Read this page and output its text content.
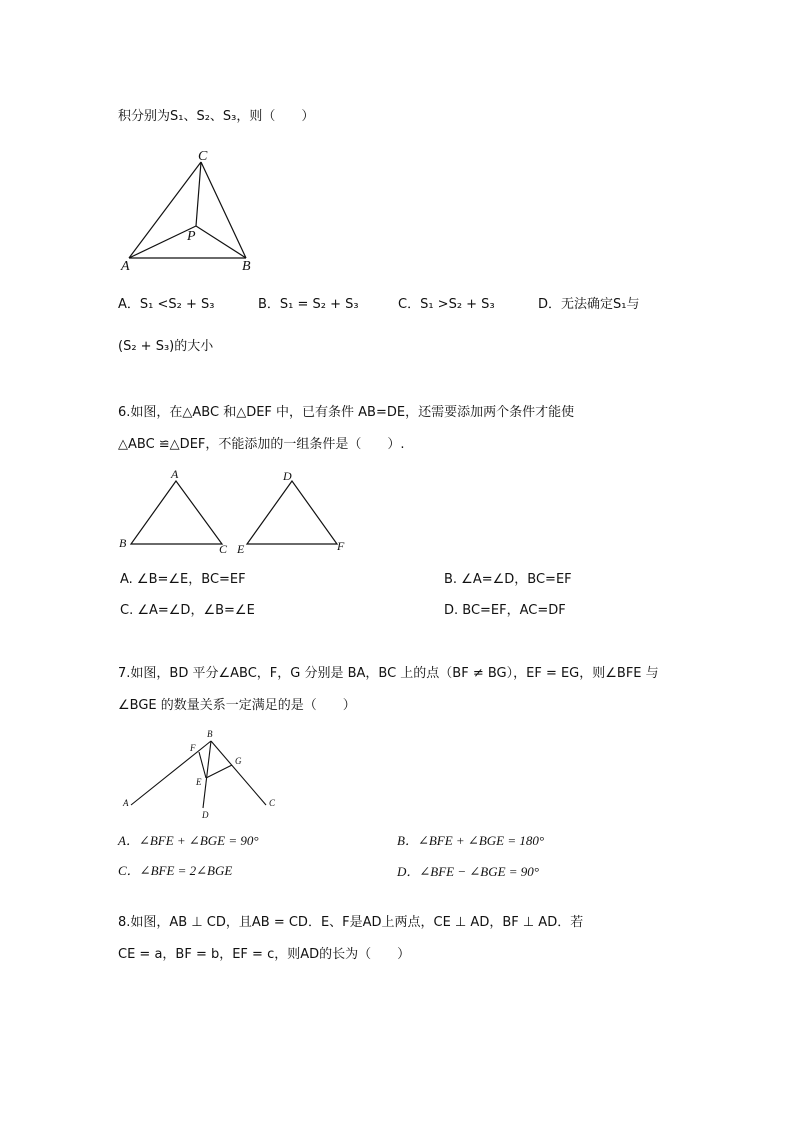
积分别为S₁、S₂、S₃，则（　　）
C
P
A	B
A．S₁ <S₂ + S₃	B．S₁ = S₂ + S₃	C．S₁ >S₂ + S₃	D．无法确定S₁与
(S₂ + S₃)的大小
6.如图，在△ABC 和△DEF 中，已有条件 AB=DE，还需要添加两个条件才能使
△ABC ≌△DEF，不能添加的一组条件是（　　）.
A
B	C
D
E	F
A. ∠B=∠E，BC=EF	B. ∠A=∠D，BC=EF
C. ∠A=∠D，∠B=∠E	D. BC=EF，AC=DF
7.如图，BD 平分∠ABC，F，G 分别是 BA，BC 上的点（BF ≠ BG），EF = EG，则∠BFE 与
∠BGE 的数量关系一定满足的是（　　）
B
F
G
E
A
D
C
A．∠BFE + ∠BGE = 90°	B．∠BFE + ∠BGE = 180°
C．∠BFE = 2∠BGE	D．∠BFE − ∠BGE = 90°
8.如图，AB ⊥ CD，且AB = CD．E、F是AD上两点，CE ⊥ AD，BF ⊥ AD．若
CE = a，BF = b，EF = c，则AD的长为（　　）
